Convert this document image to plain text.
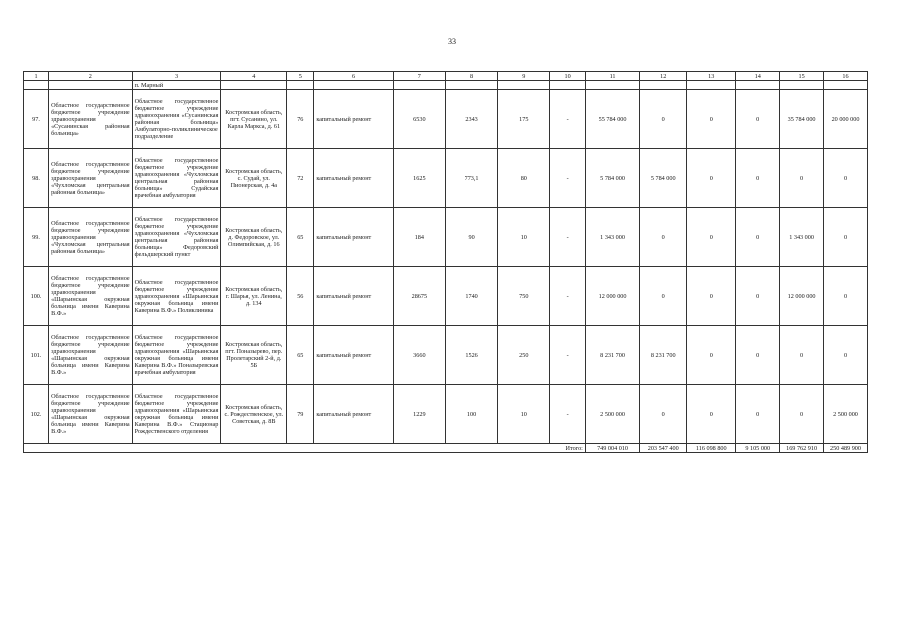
33
1	2	3	4	5	6	7	8	9	10	11	12	13	14	15	16
		п. Марный													
97.	Областное государственное бюджетное учреждение здравоохранения «Сусанинская районная больница»	Областное государственное бюджетное учреждение здравоохранения «Сусанинская районная больница» Амбулаторно-поликлиническое подразделение	Костромская область, пгт. Сусанино, ул. Карла Маркса, д. 61	76	капитальный ремонт	6530	2343	175	-	55 784 000	0	0	0	35 784 000	20 000 000
98.	Областное государственное бюджетное учреждение здравоохранения «Чухломская центральная районная больница»	Областное государственное бюджетное учреждение здравоохранения «Чухломская центральная районная больница» Судайская врачебная амбулатория	Костромская область, с. Судай, ул. Пионерская, д. 4а	72	капитальный ремонт	1625	773,1	80	-	5 784 000	5 784 000	0	0	0	0
99.	Областное государственное бюджетное учреждение здравоохранения «Чухломская центральная районная больница»	Областное государственное бюджетное учреждение здравоохранения «Чухломская центральная районная больница» Федоровский фельдшерский пункт	Костромская область, д. Федоровское, ул. Олимпийская, д. 16	65	капитальный ремонт	184	90	10	-	1 343 000	0	0	0	1 343 000	0
100.	Областное государственное бюджетное учреждение здравоохранения «Шарьинская окружная больница имени Каверина В.Ф.»	Областное государственное бюджетное учреждение здравоохранения «Шарьинская окружная больница имени Каверина В.Ф.» Поликлиника	Костромская область, г. Шарья, ул. Ленина, д. 134	56	капитальный ремонт	28675	1740	750	-	12 000 000	0	0	0	12 000 000	0
101.	Областное государственное бюджетное учреждение здравоохранения «Шарьинская окружная больница имени Каверина В.Ф.»	Областное государственное бюджетное учреждение здравоохранения «Шарьинская окружная больница имени Каверина В.Ф.» Поназыревская врачебная амбулатория	Костромская область, пгт. Поназырево, пер. Пролетарский 2-й, д. 5Б	65	капитальный ремонт	3660	1526	250	-	8 231 700	8 231 700	0	0	0	0
102.	Областное государственное бюджетное учреждение здравоохранения «Шарьинская окружная больница имени Каверина В.Ф.»	Областное государственное бюджетное учреждение здравоохранения «Шарьинская окружная больница имени Каверина В.Ф.» Стационар Рождественского отделения	Костромская область, с. Рождественское, ул. Советская, д. 8В	79	капитальный ремонт	1229	100	10	-	2 500 000	0	0	0	0	2 500 000
Итого:										749 004 010	203 547 400	116 098 800	9 105 000	169 762 910	250 489 900
